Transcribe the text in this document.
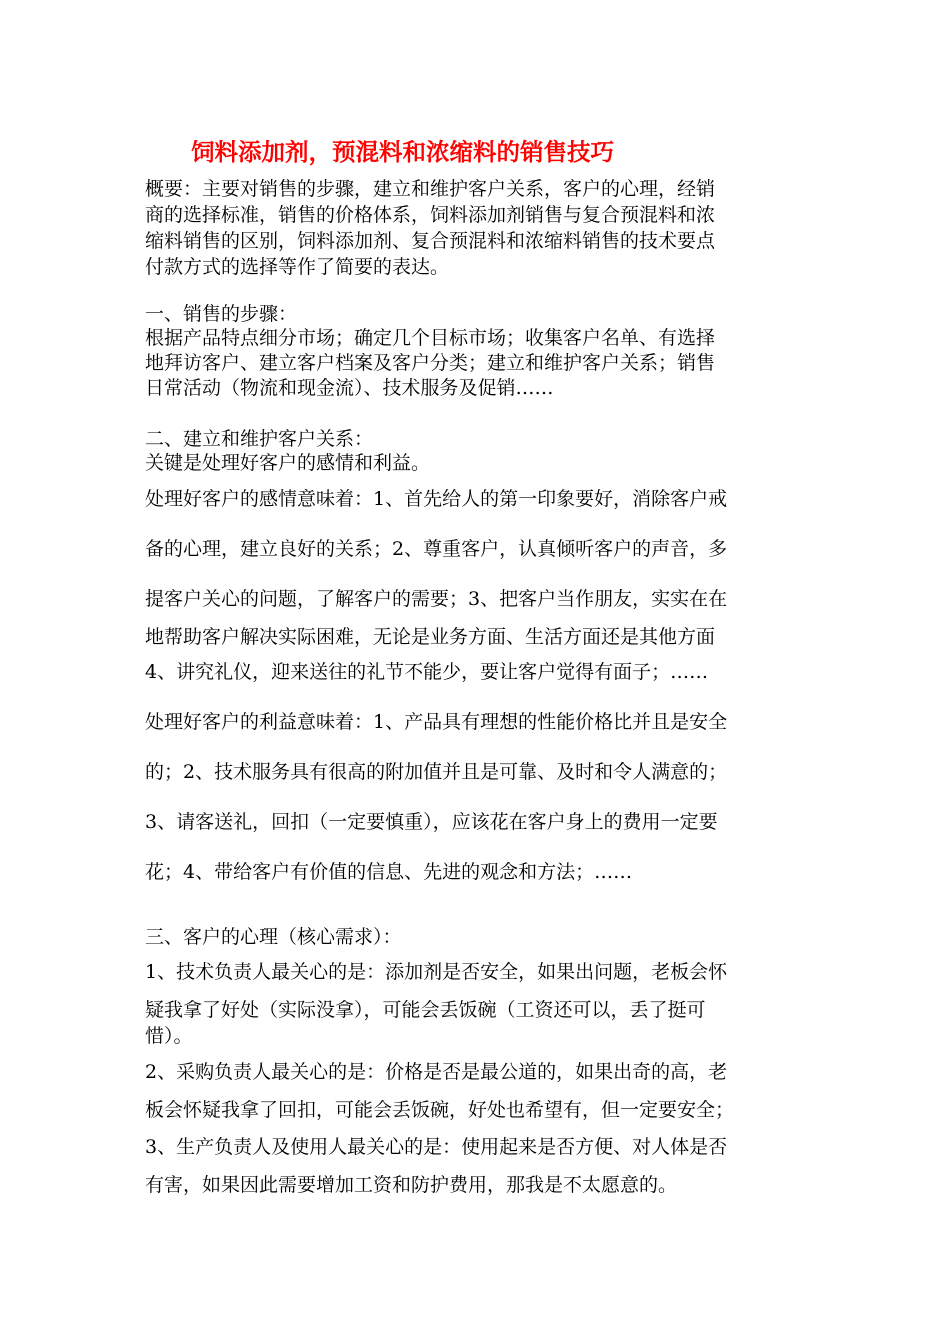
饲料添加剂，预混料和浓缩料的销售技巧
概要：主要对销售的步骤，建立和维护客户关系，客户的心理，经销
商的选择标准，销售的价格体系，饲料添加剂销售与复合预混料和浓
缩料销售的区别，饲料添加剂、复合预混料和浓缩料销售的技术要点
付款方式的选择等作了简要的表达。
一、销售的步骤：
根据产品特点细分市场；确定几个目标市场；收集客户名单、有选择
地拜访客户、建立客户档案及客户分类；建立和维护客户关系；销售
日常活动（物流和现金流）、技术服务及促销……
二、建立和维护客户关系：
关键是处理好客户的感情和利益。
处理好客户的感情意味着：1、首先给人的第一印象要好，消除客户戒
备的心理，建立良好的关系；2、尊重客户，认真倾听客户的声音，多
提客户关心的问题，了解客户的需要；3、把客户当作朋友，实实在在
地帮助客户解决实际困难，无论是业务方面、生活方面还是其他方面
4、讲究礼仪，迎来送往的礼节不能少，要让客户觉得有面子；……
处理好客户的利益意味着：1、产品具有理想的性能价格比并且是安全
的；2、技术服务具有很高的附加值并且是可靠、及时和令人满意的；
3、请客送礼，回扣（一定要慎重），应该花在客户身上的费用一定要
花；4、带给客户有价值的信息、先进的观念和方法；……
三、客户的心理（核心需求）：
1、技术负责人最关心的是：添加剂是否安全，如果出问题，老板会怀
疑我拿了好处（实际没拿），可能会丢饭碗（工资还可以，丢了挺可
惜）。
2、采购负责人最关心的是：价格是否是最公道的，如果出奇的高，老
板会怀疑我拿了回扣，可能会丢饭碗，好处也希望有，但一定要安全；
3、生产负责人及使用人最关心的是：使用起来是否方便、对人体是否
有害，如果因此需要增加工资和防护费用，那我是不太愿意的。
